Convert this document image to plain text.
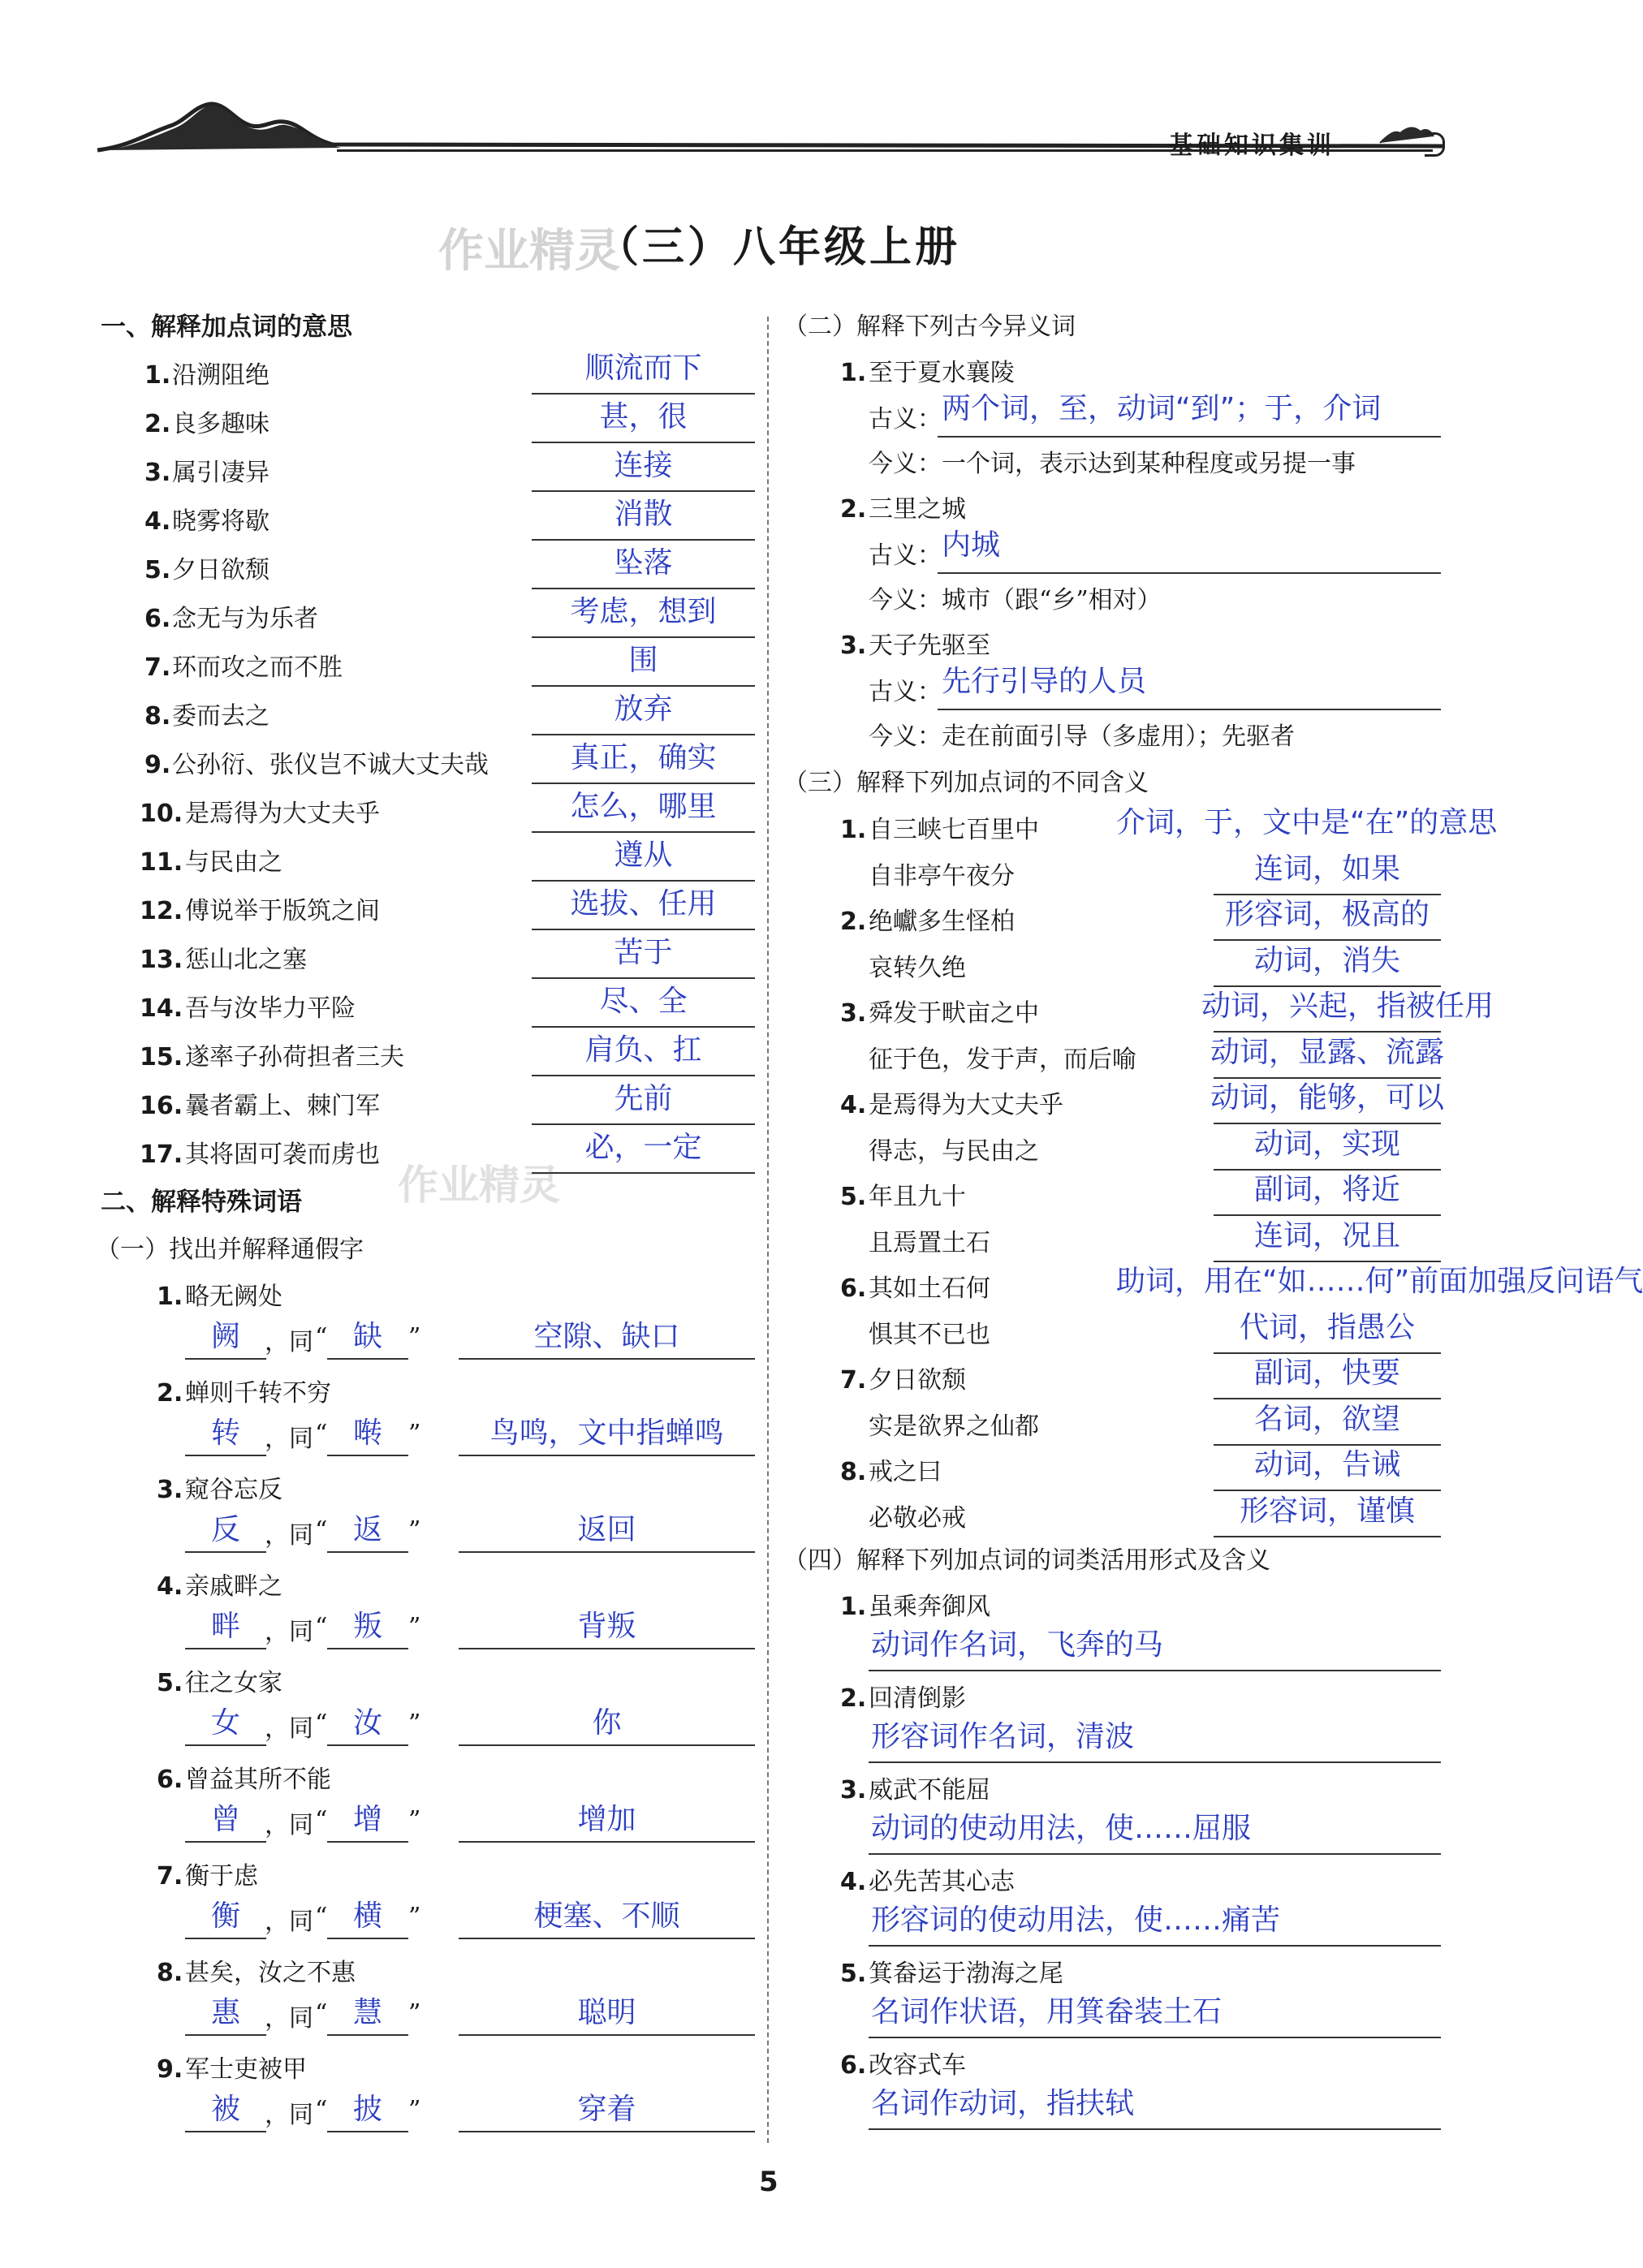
基础知识集训
（三）八年级上册
作业精灵
作业精灵
一、解释加点词的意思
1. 沿溯阻绝	顺流而下
2. 良多趣味	甚，很
3. 属引凄异	连接
4. 晓雾将歇	消散
5. 夕日欲颓	坠落
6. 念无与为乐者	考虑，想到
7. 环而攻之而不胜	围
8. 委而去之	放弃
9. 公孙衍、张仪岂不诚大丈夫哉	真正，确实
10. 是焉得为大丈夫乎	怎么，哪里
11. 与民由之	遵从
12. 傅说举于版筑之间	选拔、任用
13. 惩山北之塞	苦于
14. 吾与汝毕力平险	尽、全
15. 遂率子孙荷担者三夫	肩负、扛
16. 曩者霸上、棘门军	先前
17. 其将固可袭而虏也	必，一定
二、解释特殊词语
（一）找出并解释通假字
1. 略无阙处
阙	，同 “ 缺	”	空隙、缺口
2. 蝉则千转不穷
转	，同 “ 啭	”	鸟鸣，文中指蝉鸣
3. 窥谷忘反
反	，同 “ 返	”	返回
4. 亲戚畔之
畔	，同 “ 叛	”	背叛
5. 往之女家
女	，同 “ 汝	”	你
6. 曾益其所不能
曾	，同 “ 增	”	增加
7. 衡于虑
衡	，同 “ 横	”	梗塞、不顺
8. 甚矣，汝之不惠
惠	，同 “ 慧	”	聪明
9. 军士吏被甲
被	，同 “ 披	”	穿着
（二）解释下列古今异义词
1. 至于夏水襄陵
古义： 两个词，至，动词“到”；于，介词
今义： 一个词，表示达到某种程度或另提一事
2. 三里之城
古义： 内城
今义： 城市（跟“乡”相对）
3. 天子先驱至
古义： 先行引导的人员
今义： 走在前面引导（多虚用）；先驱者
（三）解释下列加点词的不同含义
1. 自三峡七百里中	介词，于，文中是“在”的意思
自非亭午夜分	连词，如果
2. 绝巘多生怪柏	形容词，极高的
哀转久绝	动词，消失
3. 舜发于畎亩之中	动词，兴起，指被任用
征于色，发于声，而后喻	动词，显露、流露
4. 是焉得为大丈夫乎	动词，能够，可以
得志，与民由之	动词，实现
5. 年且九十	副词，将近
且焉置土石	连词，况且
6. 其如土石何	助词，用在“如……何”前面加强反问语气
惧其不已也	代词，指愚公
7. 夕日欲颓	副词，快要
实是欲界之仙都	名词，欲望
8. 戒之曰	动词，告诫
必敬必戒	形容词，谨慎
（四）解释下列加点词的词类活用形式及含义
1. 虽乘奔御风
动词作名词，飞奔的马
2. 回清倒影
形容词作名词，清波
3. 威武不能屈
动词的使动用法，使……屈服
4. 必先苦其心志
形容词的使动用法，使……痛苦
5. 箕畚运于渤海之尾
名词作状语，用箕畚装土石
6. 改容式车
名词作动词，指扶轼
5
